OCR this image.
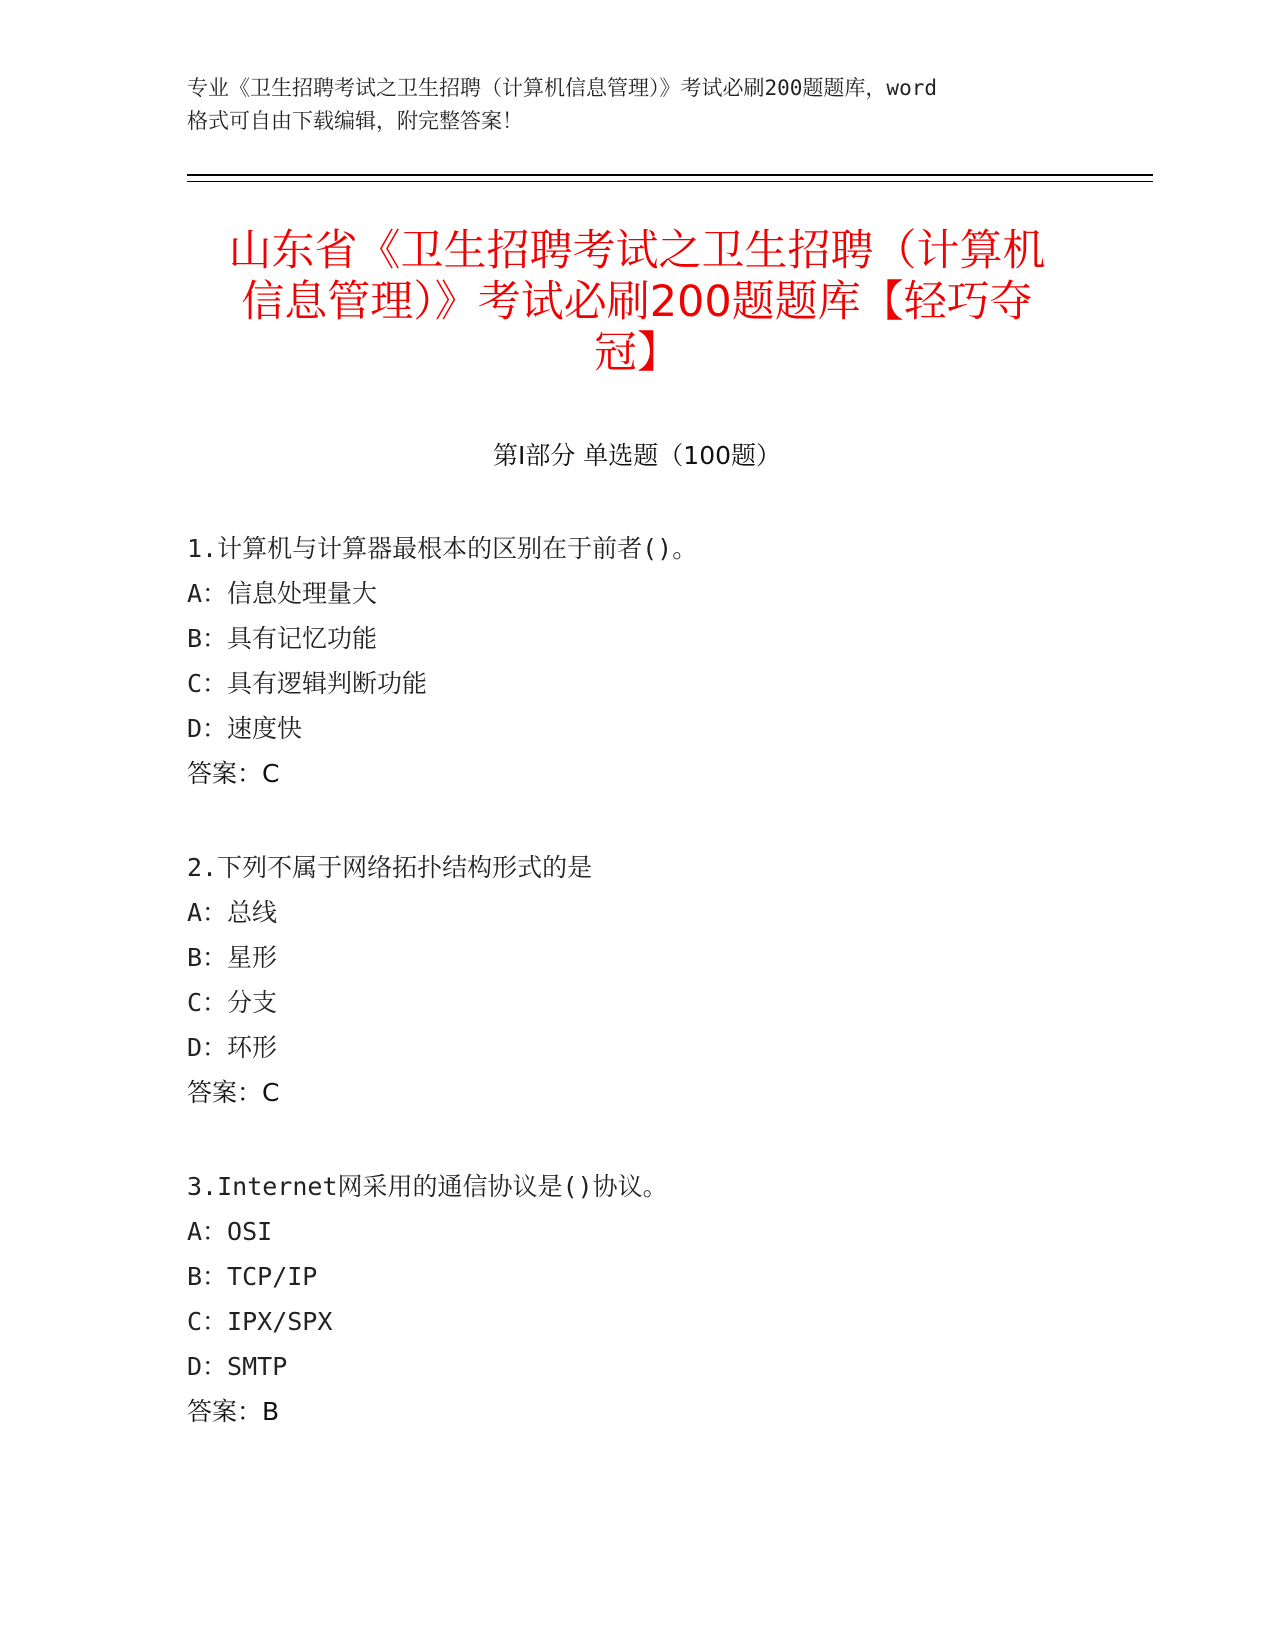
专业《卫生招聘考试之卫生招聘（计算机信息管理）》考试必刷200题题库，word
格式可自由下载编辑，附完整答案！
山东省《卫生招聘考试之卫生招聘（计算机
信息管理）》考试必刷200题题库【轻巧夺
冠】
第Ⅰ部分 单选题（100题）
1.计算机与计算器最根本的区别在于前者()。
A：信息处理量大
B：具有记忆功能
C：具有逻辑判断功能
D：速度快
答案：C
2.下列不属于网络拓扑结构形式的是
A：总线
B：星形
C：分支
D：环形
答案：C
3.Internet网采用的通信协议是()协议。
A：OSI
B：TCP/IP
C：IPX/SPX
D：SMTP
答案：B
